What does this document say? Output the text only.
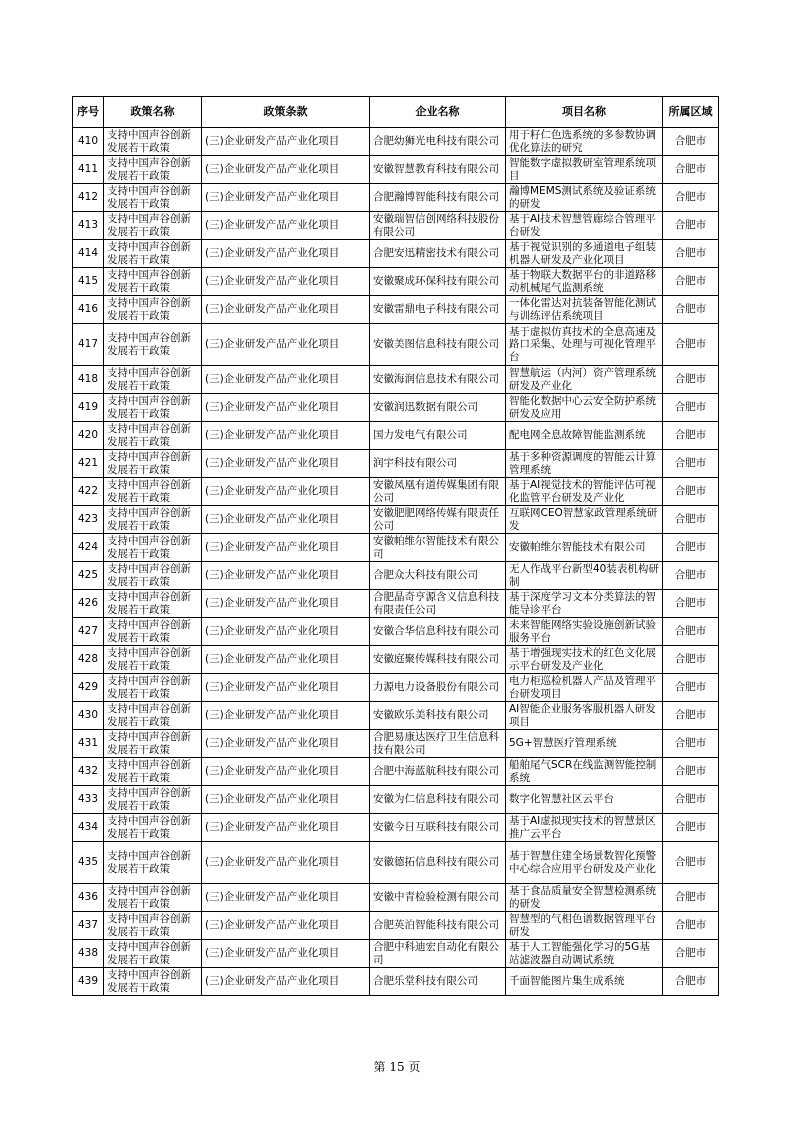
序号	政策名称	政策条款	企业名称	项目名称	所属区域
410	支持中国声谷创新发展若干政策	(三)企业研发产品产业化项目	合肥幼狮光电科技有限公司	用于籽仁色选系统的多参数协调优化算法的研究	合肥市
411	支持中国声谷创新发展若干政策	(三)企业研发产品产业化项目	安徽智慧教育科技有限公司	智能数字虚拟教研室管理系统项目	合肥市
412	支持中国声谷创新发展若干政策	(三)企业研发产品产业化项目	合肥瀚博智能科技有限公司	瀚博MEMS测试系统及验证系统的研发	合肥市
413	支持中国声谷创新发展若干政策	(三)企业研发产品产业化项目	安徽瑞智信创网络科技股份有限公司	基于AI技术智慧管廊综合管理平台研发	合肥市
414	支持中国声谷创新发展若干政策	(三)企业研发产品产业化项目	合肥安迅精密技术有限公司	基于视觉识别的多通道电子组装机器人研发及产业化项目	合肥市
415	支持中国声谷创新发展若干政策	(三)企业研发产品产业化项目	安徽聚成环保科技有限公司	基于物联大数据平台的非道路移动机械尾气监测系统	合肥市
416	支持中国声谷创新发展若干政策	(三)企业研发产品产业化项目	安徽雷鼎电子科技有限公司	一体化雷达对抗装备智能化测试与训练评估系统项目	合肥市
417	支持中国声谷创新发展若干政策	(三)企业研发产品产业化项目	安徽美图信息科技有限公司	基于虚拟仿真技术的全息高速及路口采集、处理与可视化管理平台	合肥市
418	支持中国声谷创新发展若干政策	(三)企业研发产品产业化项目	安徽海润信息技术有限公司	智慧航运（内河）资产管理系统研发及产业化	合肥市
419	支持中国声谷创新发展若干政策	(三)企业研发产品产业化项目	安徽润迅数据有限公司	智能化数据中心云安全防护系统研发及应用	合肥市
420	支持中国声谷创新发展若干政策	(三)企业研发产品产业化项目	国力发电气有限公司	配电网全息故障智能监测系统	合肥市
421	支持中国声谷创新发展若干政策	(三)企业研发产品产业化项目	润宇科技有限公司	基于多种资源调度的智能云计算管理系统	合肥市
422	支持中国声谷创新发展若干政策	(三)企业研发产品产业化项目	安徽凤凰有道传媒集团有限公司	基于AI视觉技术的智能评估可视化监管平台研发及产业化	合肥市
423	支持中国声谷创新发展若干政策	(三)企业研发产品产业化项目	安徽肥肥网络传媒有限责任公司	互联网CEO智慧家政管理系统研发	合肥市
424	支持中国声谷创新发展若干政策	(三)企业研发产品产业化项目	安徽帕维尔智能技术有限公司	安徽帕维尔智能技术有限公司	合肥市
425	支持中国声谷创新发展若干政策	(三)企业研发产品产业化项目	合肥众大科技有限公司	无人作战平台新型40装表机构研制	合肥市
426	支持中国声谷创新发展若干政策	(三)企业研发产品产业化项目	合肥晶奇亨源含义信息科技有限责任公司	基于深度学习文本分类算法的智能导诊平台	合肥市
427	支持中国声谷创新发展若干政策	(三)企业研发产品产业化项目	安徽合华信息科技有限公司	未来智能网络实验设施创新试验服务平台	合肥市
428	支持中国声谷创新发展若干政策	(三)企业研发产品产业化项目	安徽庭聚传媒科技有限公司	基于增强现实技术的红色文化展示平台研发及产业化	合肥市
429	支持中国声谷创新发展若干政策	(三)企业研发产品产业化项目	力源电力设备股份有限公司	电力柜巡检机器人产品及管理平台研发项目	合肥市
430	支持中国声谷创新发展若干政策	(三)企业研发产品产业化项目	安徽欧乐美科技有限公司	AI智能企业服务客服机器人研发项目	合肥市
431	支持中国声谷创新发展若干政策	(三)企业研发产品产业化项目	合肥易康达医疗卫生信息科技有限公司	5G+智慧医疗管理系统	合肥市
432	支持中国声谷创新发展若干政策	(三)企业研发产品产业化项目	合肥中海蓝航科技有限公司	船舶尾气SCR在线监测智能控制系统	合肥市
433	支持中国声谷创新发展若干政策	(三)企业研发产品产业化项目	安徽为仁信息科技有限公司	数字化智慧社区云平台	合肥市
434	支持中国声谷创新发展若干政策	(三)企业研发产品产业化项目	安徽今日互联科技有限公司	基于AI虚拟现实技术的智慧景区推广云平台	合肥市
435	支持中国声谷创新发展若干政策	(三)企业研发产品产业化项目	安徽德拓信息科技有限公司	基于智慧住建全场景数智化预警中心综合应用平台研发及产业化	合肥市
436	支持中国声谷创新发展若干政策	(三)企业研发产品产业化项目	安徽中青检验检测有限公司	基于食品质量安全智慧检测系统的研发	合肥市
437	支持中国声谷创新发展若干政策	(三)企业研发产品产业化项目	合肥英泊智能科技有限公司	智慧型的气相色谱数据管理平台研发	合肥市
438	支持中国声谷创新发展若干政策	(三)企业研发产品产业化项目	合肥中科迪宏自动化有限公司	基于人工智能强化学习的5G基站滤波器自动调试系统	合肥市
439	支持中国声谷创新发展若干政策	(三)企业研发产品产业化项目	合肥乐堂科技有限公司	千面智能图片集生成系统	合肥市
第 15 页
